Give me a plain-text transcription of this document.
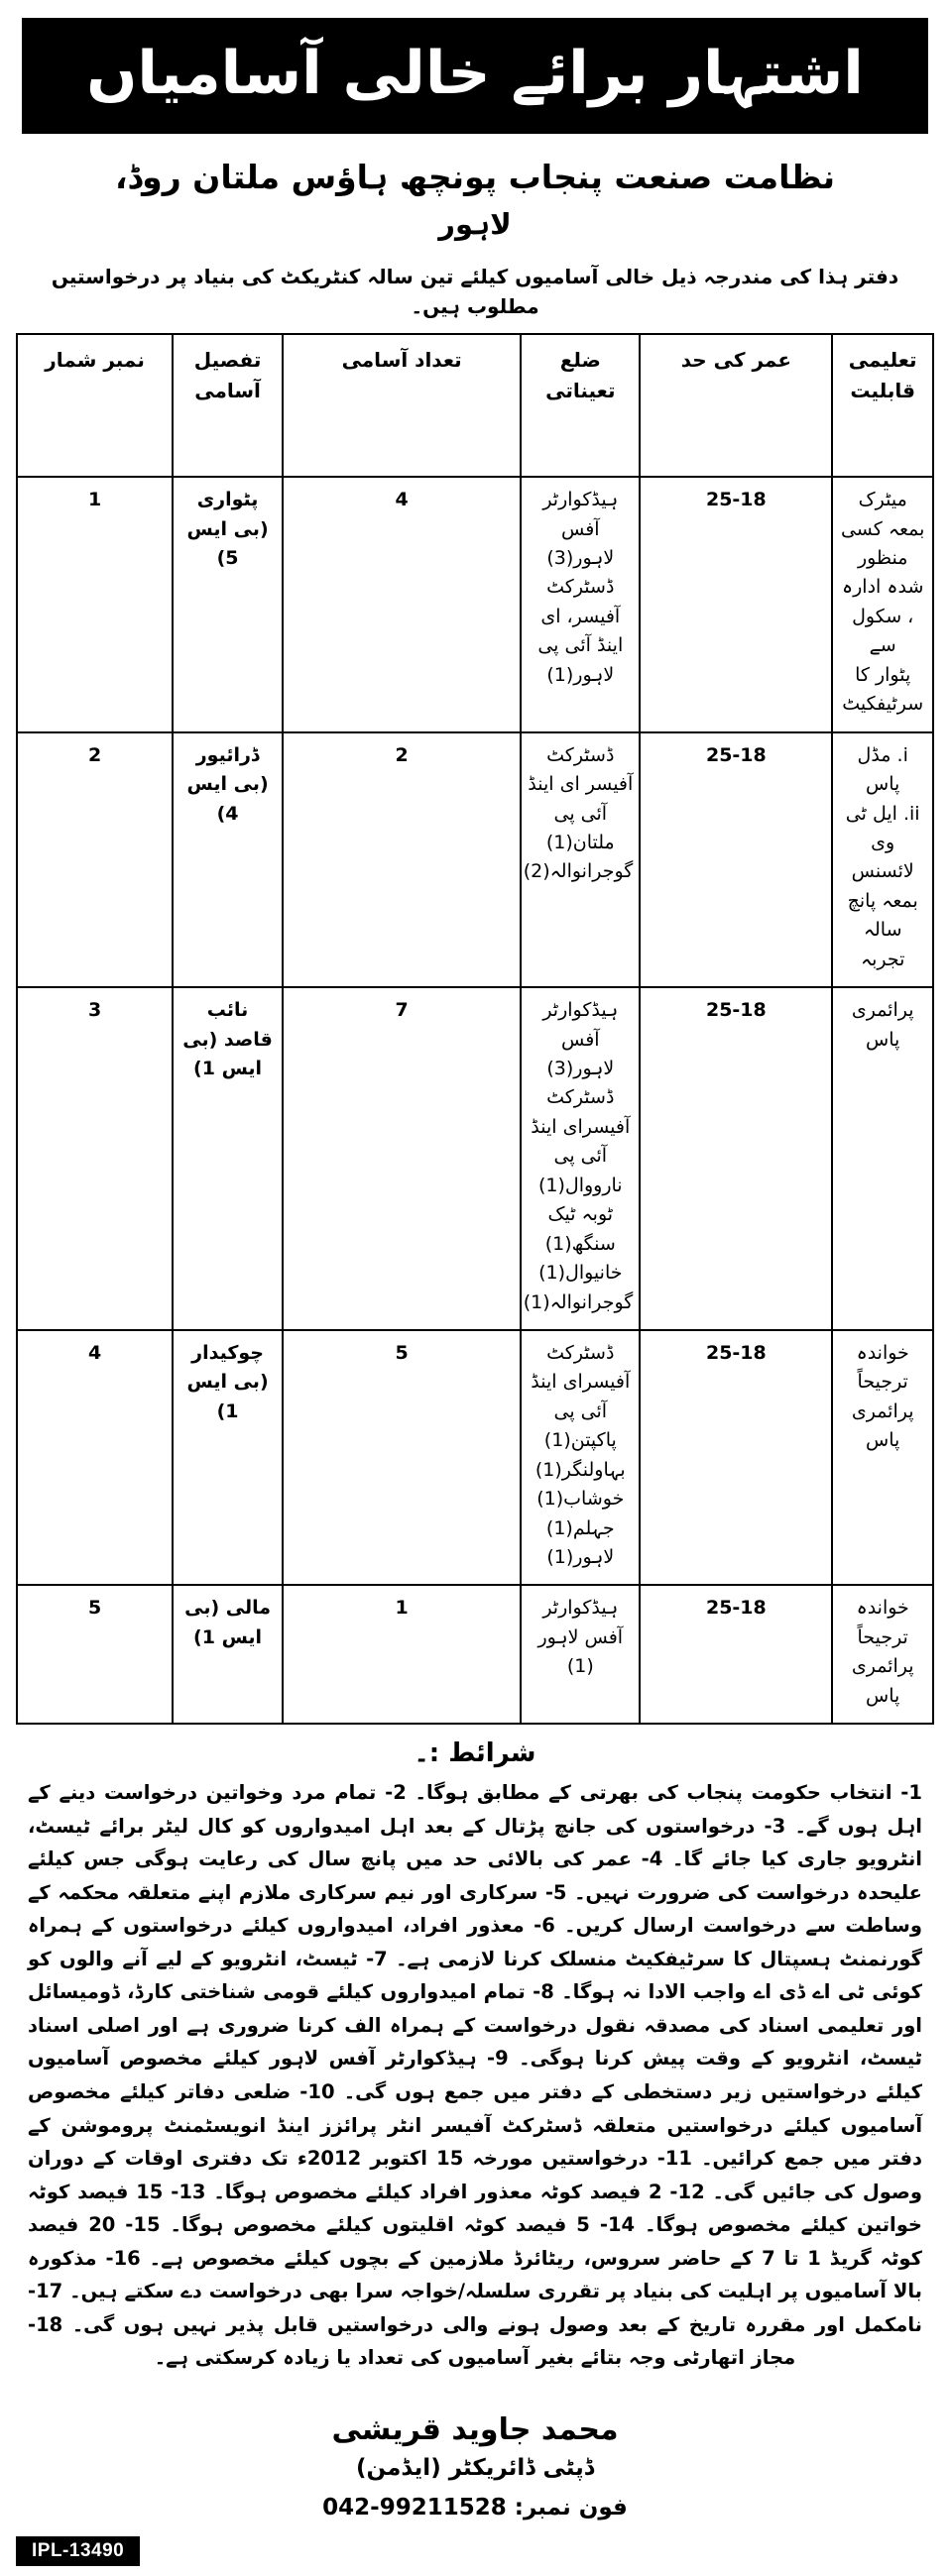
اشتہار برائے خالی آسامیاں
نظامت صنعت پنجاب پونچھ ہاؤس ملتان روڈ،
لاہور
دفتر ہذا کی مندرجہ ذیل خالی آسامیوں کیلئے تین سالہ کنٹریکٹ کی بنیاد پر درخواستیں مطلوب ہیں۔
تعلیمی قابلیت	عمر کی حد	ضلع تعیناتی	تعداد آسامی	تفصیل آسامی	نمبر شمار

میٹرک بمعہ کسی منظور
شدہ ادارہ ، سکول سے
پٹوار کا سرٹیفکیٹ	25-18	ہیڈکوارٹر آفس لاہور(3)
ڈسٹرکٹ آفیسر، ای اینڈ آئی پی
لاہور(1)	4	پٹواری (بی ایس 5)	1

i. مڈل پاس
ii. ایل ٹی وی لائسنس
بمعہ پانچ سالہ تجربہ	25-18	ڈسٹرکٹ آفیسر ای اینڈ آئی پی
ملتان(1)
گوجرانوالہ(2)	2	ڈرائیور (بی ایس 4)	2

پرائمری پاس
	25-18	
ہیڈکوارٹر آفس لاہور(3)
ڈسٹرکٹ آفیسرای اینڈ آئی پی
نارووال(1)
ٹوبہ ٹیک سنگھ(1)
خانیوال(1)
گوجرانوالہ(1)
	7	نائب قاصد (بی ایس 1)	3

خواندہ ترجیحاً
پرائمری پاس
	25-18	
ڈسٹرکٹ آفیسرای اینڈ آئی پی
پاکپتن(1)
بہاولنگر(1)
خوشاب(1)
جہلم(1)
لاہور(1)
	5	چوکیدار (بی ایس 1)	4

خواندہ ترجیحاً
پرائمری پاس	25-18	ہیڈکوارٹر آفس لاہور (1)	1	مالی (بی ایس 1)	5
شرائط :۔
1- انتخاب حکومت پنجاب کی بھرتی کے مطابق ہوگا۔ 2- تمام مرد وخواتین درخواست دینے کے اہل ہوں گے۔ 3- درخواستوں کی جانچ پڑتال کے بعد اہل امیدواروں کو کال لیٹر برائے ٹیسٹ، انٹرویو جاری کیا جائے گا۔ 4- عمر کی بالائی حد میں پانچ سال کی رعایت ہوگی جس کیلئے علیحدہ درخواست کی ضرورت نہیں۔ 5- سرکاری اور نیم سرکاری ملازم اپنے متعلقہ محکمہ کے وساطت سے درخواست ارسال کریں۔ 6- معذور افراد، امیدواروں کیلئے درخواستوں کے ہمراہ گورنمنٹ ہسپتال کا سرٹیفکیٹ منسلک کرنا لازمی ہے۔ 7- ٹیسٹ، انٹرویو کے لیے آنے والوں کو کوئی ٹی اے ڈی اے واجب الادا نہ ہوگا۔ 8- تمام امیدواروں کیلئے قومی شناختی کارڈ، ڈومیسائل اور تعلیمی اسناد کی مصدقہ نقول درخواست کے ہمراہ الف کرنا ضروری ہے اور اصلی اسناد ٹیسٹ، انٹرویو کے وقت پیش کرنا ہوگی۔ 9- ہیڈکوارٹر آفس لاہور کیلئے مخصوص آسامیوں کیلئے درخواستیں زیر دستخطی کے دفتر میں جمع ہوں گی۔ 10- ضلعی دفاتر کیلئے مخصوص آسامیوں کیلئے درخواستیں متعلقہ ڈسٹرکٹ آفیسر انٹر پرائزز اینڈ انویسٹمنٹ پروموشن کے دفتر میں جمع کرائیں۔ 11- درخواستیں مورخہ 15 اکتوبر 2012ء تک دفتری اوقات کے دوران وصول کی جائیں گی۔ 12- 2 فیصد کوٹہ معذور افراد کیلئے مخصوص ہوگا۔ 13- 15 فیصد کوٹہ خواتین کیلئے مخصوص ہوگا۔ 14- 5 فیصد کوٹہ اقلیتوں کیلئے مخصوص ہوگا۔ 15- 20 فیصد کوٹہ گریڈ 1 تا 7 کے حاضر سروس، ریٹائرڈ ملازمین کے بچوں کیلئے مخصوص ہے۔ 16- مذکورہ بالا آسامیوں پر اہلیت کی بنیاد پر تقرری سلسلہ/خواجہ سرا بھی درخواست دے سکتے ہیں۔ 17- نامکمل اور مقررہ تاریخ کے بعد وصول ہونے والی درخواستیں قابل پذیر نہیں ہوں گی۔ 18- مجاز اتھارٹی وجہ بتائے بغیر آسامیوں کی تعداد یا زیادہ کرسکتی ہے۔
محمد جاوید قریشی
ڈپٹی ڈائریکٹر (ایڈمن)
فون نمبر: 042-99211528
IPL-13490
